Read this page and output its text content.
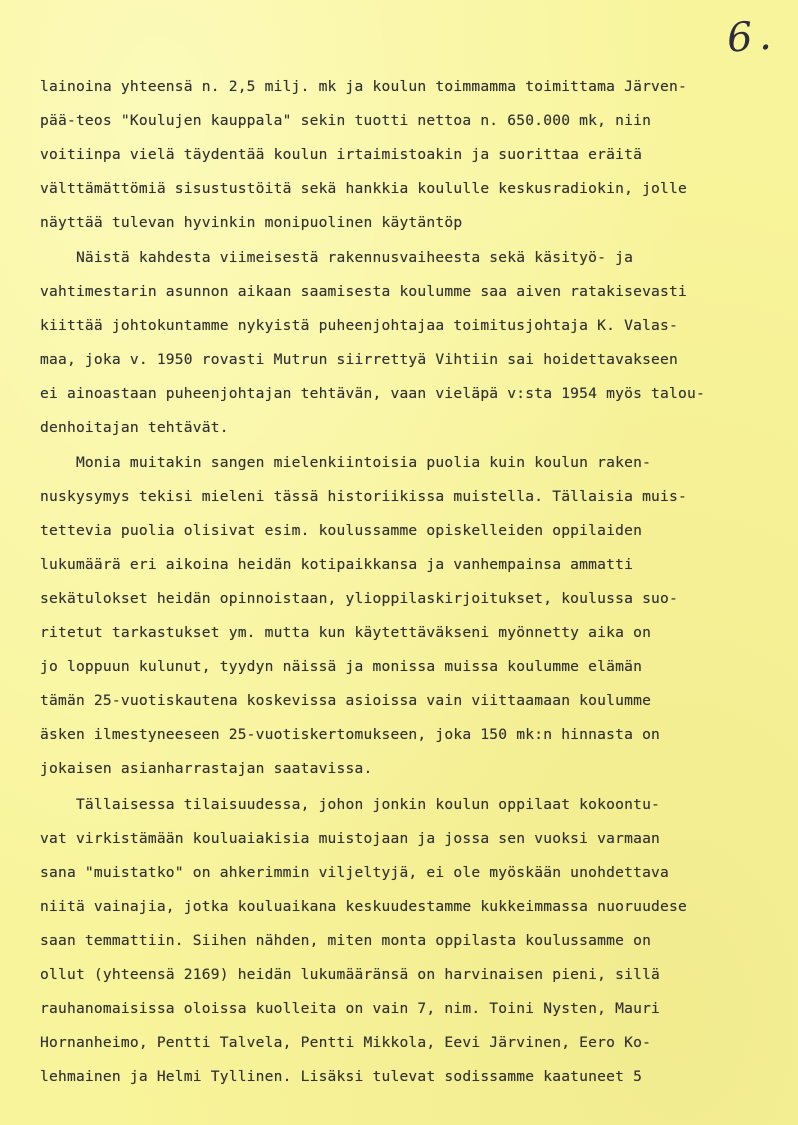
6.
lainoina yhteensä n. 2,5 milj. mk ja koulun toimmamma toimittama Järven-
pää-teos "Koulujen kauppala" sekin tuotti nettoa n. 650.000 mk, niin
voitiinpa vielä täydentää koulun irtaimistoakin ja suorittaa eräitä
välttämättömiä sisustustöitä sekä hankkia koululle keskusradiokin, jolle
näyttää tulevan hyvinkin monipuolinen käytäntöp
Näistä kahdesta viimeisestä rakennusvaiheesta sekä käsityö- ja
vahtimestarin asunnon aikaan saamisesta koulumme saa aiven ratakisevasti
kiittää johtokuntamme nykyistä puheenjohtajaa toimitusjohtaja K. Valas-
maa, joka v. 1950 rovasti Mutrun siirrettyä Vihtiin sai hoidettavakseen
ei ainoastaan puheenjohtajan tehtävän, vaan vieläpä v:sta 1954 myös talou-
denhoitajan tehtävät.
Monia muitakin sangen mielenkiintoisia puolia kuin koulun raken-
nuskysymys tekisi mieleni tässä historiikissa muistella. Tällaisia muis-
tettevia puolia olisivat esim. koulussamme opiskelleiden oppilaiden
lukumäärä eri aikoina heidän kotipaikkansa ja vanhempainsa ammatti
sekätulokset heidän opinnoistaan, ylioppilaskirjoitukset, koulussa suo-
ritetut tarkastukset ym. mutta kun käytettäväkseni myönnetty aika on
jo loppuun kulunut, tyydyn näissä ja monissa muissa koulumme elämän
tämän 25-vuotiskautena koskevissa asioissa vain viittaamaan koulumme
äsken ilmestyneeseen 25-vuotiskertomukseen, joka 150 mk:n hinnasta on
jokaisen asianharrastajan saatavissa.
Tällaisessa tilaisuudessa, johon jonkin koulun oppilaat kokoontu-
vat virkistämään kouluaiakisia muistojaan ja jossa sen vuoksi varmaan
sana "muistatko" on ahkerimmin viljeltyjä, ei ole myöskään unohdettava
niitä vainajia, jotka kouluaikana keskuudestamme kukkeimmassa nuoruudese
saan temmattiin. Siihen nähden, miten monta oppilasta koulussamme on
ollut (yhteensä 2169) heidän lukumääränsä on harvinaisen pieni, sillä
rauhanomaisissa oloissa kuolleita on vain 7, nim. Toini Nysten, Mauri
Hornanheimo, Pentti Talvela, Pentti Mikkola, Eevi Järvinen, Eero Ko-
lehmainen ja Helmi Tyllinen. Lisäksi tulevat sodissamme kaatuneet 5
